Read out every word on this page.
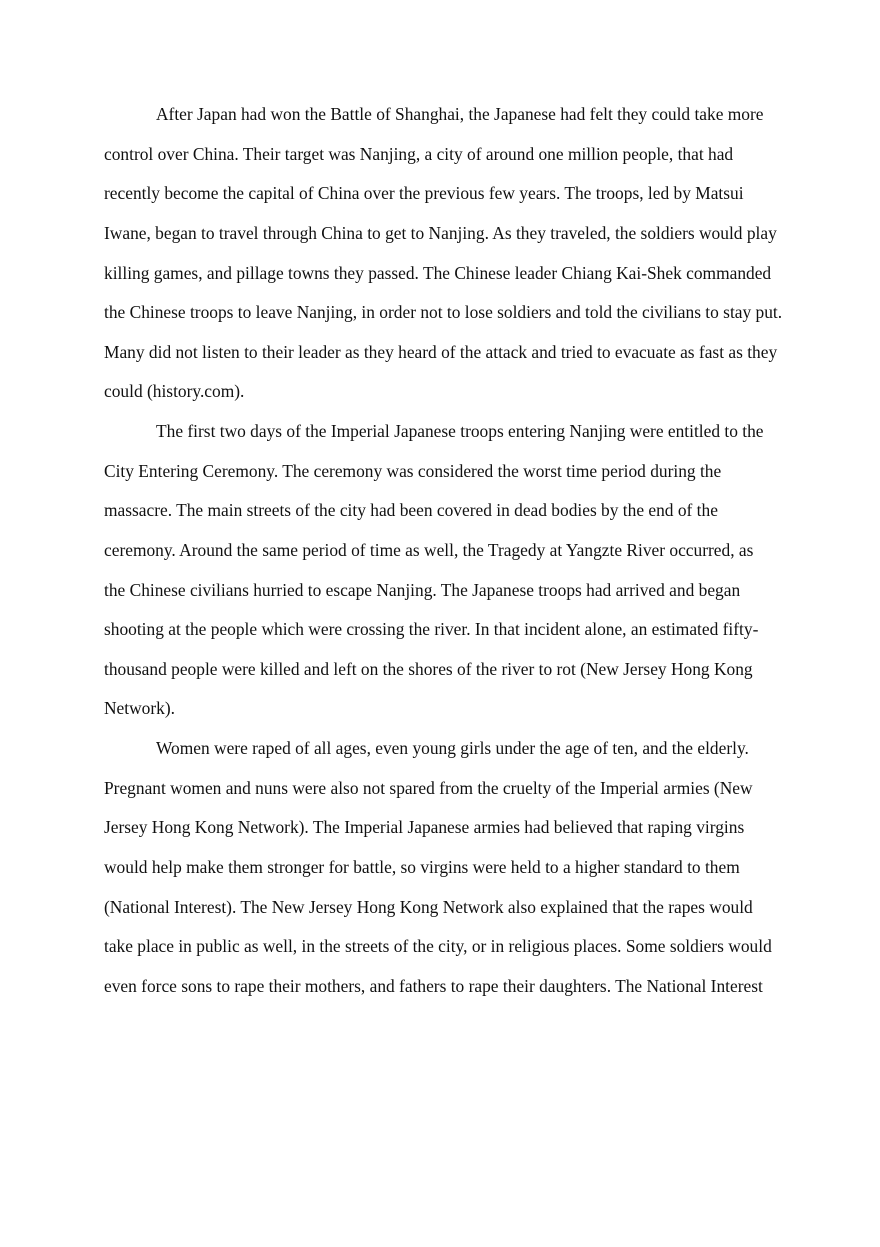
After Japan had won the Battle of Shanghai, the Japanese had felt they could take more
control over China. Their target was Nanjing, a city of around one million people, that had
recently become the capital of China over the previous few years. The troops, led by Matsui
Iwane, began to travel through China to get to Nanjing. As they traveled, the soldiers would play
killing games, and pillage towns they passed. The Chinese leader Chiang Kai-Shek commanded
the Chinese troops to leave Nanjing, in order not to lose soldiers and told the civilians to stay put.
Many did not listen to their leader as they heard of the attack and tried to evacuate as fast as they
could (history.com).
The first two days of the Imperial Japanese troops entering Nanjing were entitled to the
City Entering Ceremony. The ceremony was considered the worst time period during the
massacre. The main streets of the city had been covered in dead bodies by the end of the
ceremony. Around the same period of time as well, the Tragedy at Yangzte River occurred, as
the Chinese civilians hurried to escape Nanjing. The Japanese troops had arrived and began
shooting at the people which were crossing the river. In that incident alone, an estimated fifty-
thousand people were killed and left on the shores of the river to rot (New Jersey Hong Kong
Network).
Women were raped of all ages, even young girls under the age of ten, and the elderly.
Pregnant women and nuns were also not spared from the cruelty of the Imperial armies (New
Jersey Hong Kong Network). The Imperial Japanese armies had believed that raping virgins
would help make them stronger for battle, so virgins were held to a higher standard to them
(National Interest). The New Jersey Hong Kong Network also explained that the rapes would
take place in public as well, in the streets of the city, or in religious places. Some soldiers would
even force sons to rape their mothers, and fathers to rape their daughters. The National Interest
